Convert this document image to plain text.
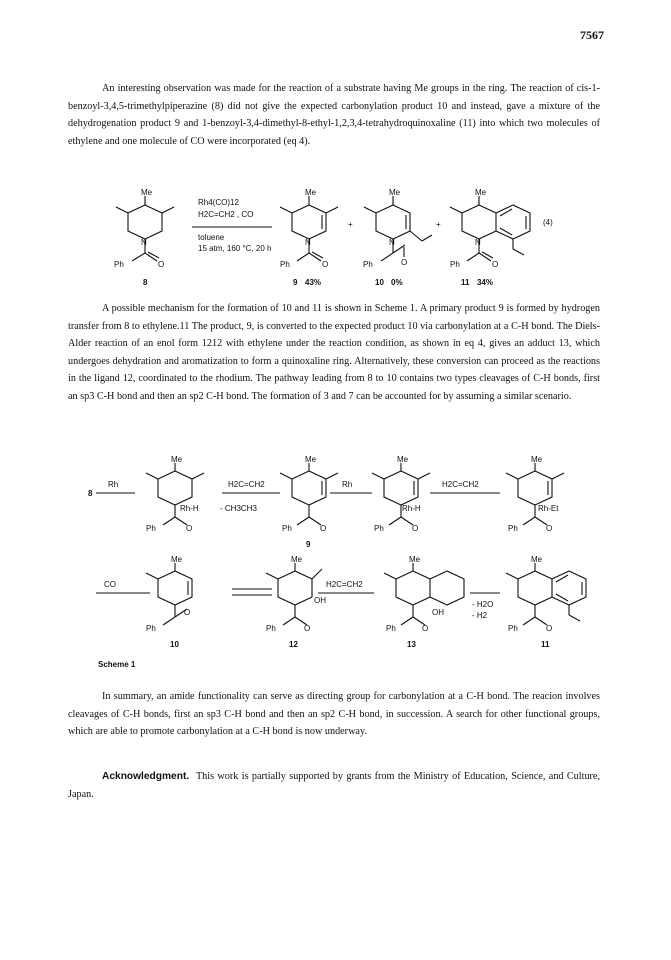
7567

An interesting observation was made for the reaction of a substrate having Me groups in the ring. The reaction of cis-1-benzoyl-3,4,5-trimethylpiperazine (8) did not give the expected carbonylation product 10 and instead, gave a mixture of the dehydrogenation product 9 and 1-benzoyl-3,4-dimethyl-8-ethyl-1,2,3,4-tetrahydroquinoxaline (11) into which two molecules of ethylene and one molecule of CO were incorporated (eq 4).

Me
N
Ph	O
Rh4(CO)12
H2C=CH2 , CO
toluene
15 atm, 160 °C, 20 h
Me
N
Ph	O
+
Me
N
Ph	O
+
Me
N
Ph	O
(4)
8	9 43%	10 0%	11 34%

A possible mechanism for the formation of 10 and 11 is shown in Scheme 1. A primary product 9 is formed by hydrogen transfer from 8 to ethylene.11 The product, 9, is converted to the expected product 10 via carbonylation at a C-H bond. The Diels-Alder reaction of an enol form 1212 with ethylene under the reaction condition, as shown in eq 4, gives an adduct 13, which undergoes dehydration and aromatization to form a quinoxaline ring. Alternatively, these conversion can proceed as the reactions in the ligand 12, coordinated to the rhodium. The pathway leading from 8 to 10 contains two types cleavages of C-H bonds, first an sp3 C-H bond and then an sp2 C-H bond. The formation of 3 and 7 can be accounted for by assuming a similar scenario.

8
Rh
Me
Rh-H
Ph	O
H2C=CH2
- CH3CH3
Me
Ph	O
9
Rh
Me
Rh-H
Ph	O
H2C=CH2
Me
Rh-Et
Ph	O
CO
Me
Ph
O
10
Me
OH
Ph	O
12
H2C=CH2
Me
OH
Ph	O
13
- H2O
- H2
Me
Ph	O
11
Scheme 1

In summary, an amide functionality can serve as directing group for carbonylation at a C-H bond. The reacion involves cleavages of C-H bonds, first an sp3 C-H bond and then an sp2 C-H bond, in succession. A search for other functional groups, which are able to promote carbonylation at a C-H bond is now underway.

Acknowledgment. This work is partially supported by grants from the Ministry of Education, Science, and Culture, Japan.
